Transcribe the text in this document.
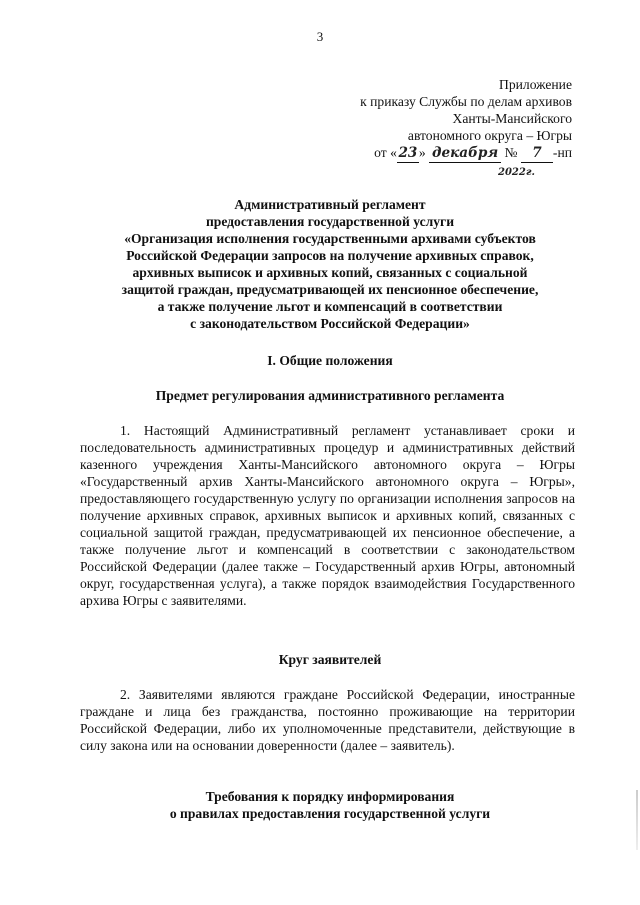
3
Приложение
к приказу Службы по делам архивов
Ханты-Мансийского
автономного округа – Югры
от « 23 » декабря № 7 -нп
2022г.
Административный регламент
предоставления государственной услуги
«Организация исполнения государственными архивами субъектов
Российской Федерации запросов на получение архивных справок,
архивных выписок и архивных копий, связанных с социальной
защитой граждан, предусматривающей их пенсионное обеспечение,
а также получение льгот и компенсаций в соответствии
с законодательством Российской Федерации»
I. Общие положения
Предмет регулирования административного регламента
1. Настоящий Административный регламент устанавливает сроки и последовательность административных процедур и административных действий казенного учреждения Ханты-Мансийского автономного округа – Югры «Государственный архив Ханты-Мансийского автономного округа – Югры», предоставляющего государственную услугу по организации исполнения запросов на получение архивных справок, архивных выписок и архивных копий, связанных с социальной защитой граждан, предусматривающей их пенсионное обеспечение, а также получение льгот и компенсаций в соответствии с законодательством Российской Федерации (далее также – Государственный архив Югры, автономный округ, государственная услуга), а также порядок взаимодействия Государственного архива Югры с заявителями.
Круг заявителей
2. Заявителями являются граждане Российской Федерации, иностранные граждане и лица без гражданства, постоянно проживающие на территории Российской Федерации, либо их уполномоченные представители, действующие в силу закона или на основании доверенности (далее – заявитель).
Требования к порядку информирования
о правилах предоставления государственной услуги
